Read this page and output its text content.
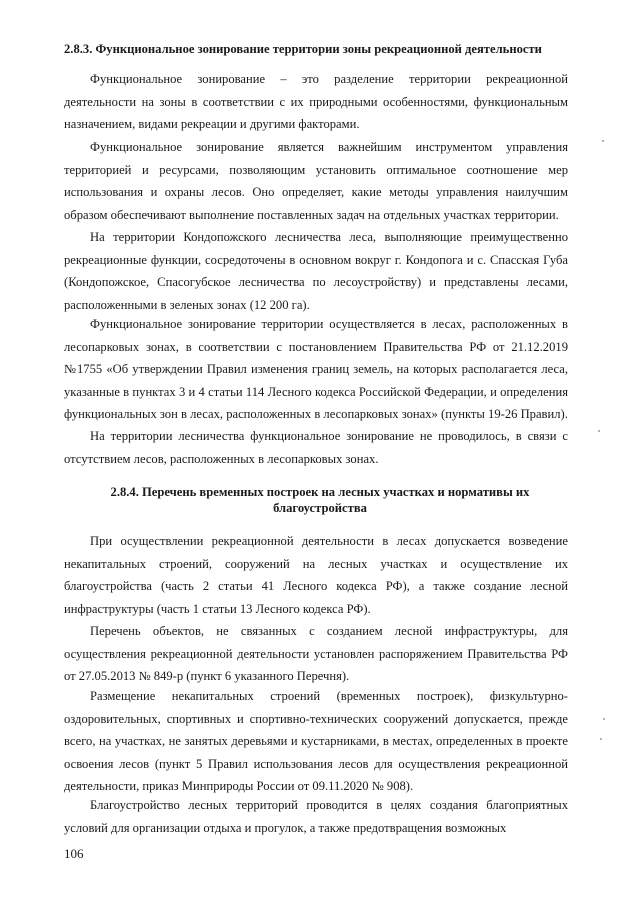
2.8.3. Функциональное зонирование территории зоны рекреационной деятельности

Функциональное зонирование – это разделение территории рекреационной деятельности на зоны в соответствии с их природными особенностями, функциональным назначением, видами рекреации и другими факторами.

Функциональное зонирование является важнейшим инструментом управления территорией и ресурсами, позволяющим установить оптимальное соотношение мер использования и охраны лесов. Оно определяет, какие методы управления наилучшим образом обеспечивают выполнение поставленных задач на отдельных участках территории.

На территории Кондопожского лесничества леса, выполняющие преимущественно рекреационные функции, сосредоточены в основном вокруг г. Кондопога и с. Спасская Губа (Кондопожское, Спасогубское лесничества по лесоустройству) и представлены лесами, расположенными в зеленых зонах (12 200 га).

Функциональное зонирование территории осуществляется в лесах, расположенных в лесопарковых зонах, в соответствии с постановлением Правительства РФ от 21.12.2019 №1755 «Об утверждении Правил изменения границ земель, на которых располагается леса, указанные в пунктах 3 и 4 статьи 114 Лесного кодекса Российской Федерации, и определения функциональных зон в лесах, расположенных в лесопарковых зонах» (пункты 19-26 Правил).

На территории лесничества функциональное зонирование не проводилось, в связи с отсутствием лесов, расположенных в лесопарковых зонах.

2.8.4. Перечень временных построек на лесных участках и нормативы их
благоустройства

При осуществлении рекреационной деятельности в лесах допускается возведение некапитальных строений, сооружений на лесных участках и осуществление их благоустройства (часть 2 статьи 41 Лесного кодекса РФ), а также создание лесной инфраструктуры (часть 1 статьи 13 Лесного кодекса РФ).

Перечень объектов, не связанных с созданием лесной инфраструктуры, для осуществления рекреационной деятельности установлен распоряжением Правительства РФ от 27.05.2013 № 849-р (пункт 6 указанного Перечня).

Размещение некапитальных строений (временных построек), физкультурно-оздоровительных, спортивных и спортивно-технических сооружений допускается, прежде всего, на участках, не занятых деревьями и кустарниками, в местах, определенных в проекте освоения лесов (пункт 5 Правил использования лесов для осуществления рекреационной деятельности, приказ Минприроды России от 09.11.2020 № 908).

Благоустройство лесных территорий проводится в целях создания благоприятных условий для организации отдыха и прогулок, а также предотвращения возможных

106
